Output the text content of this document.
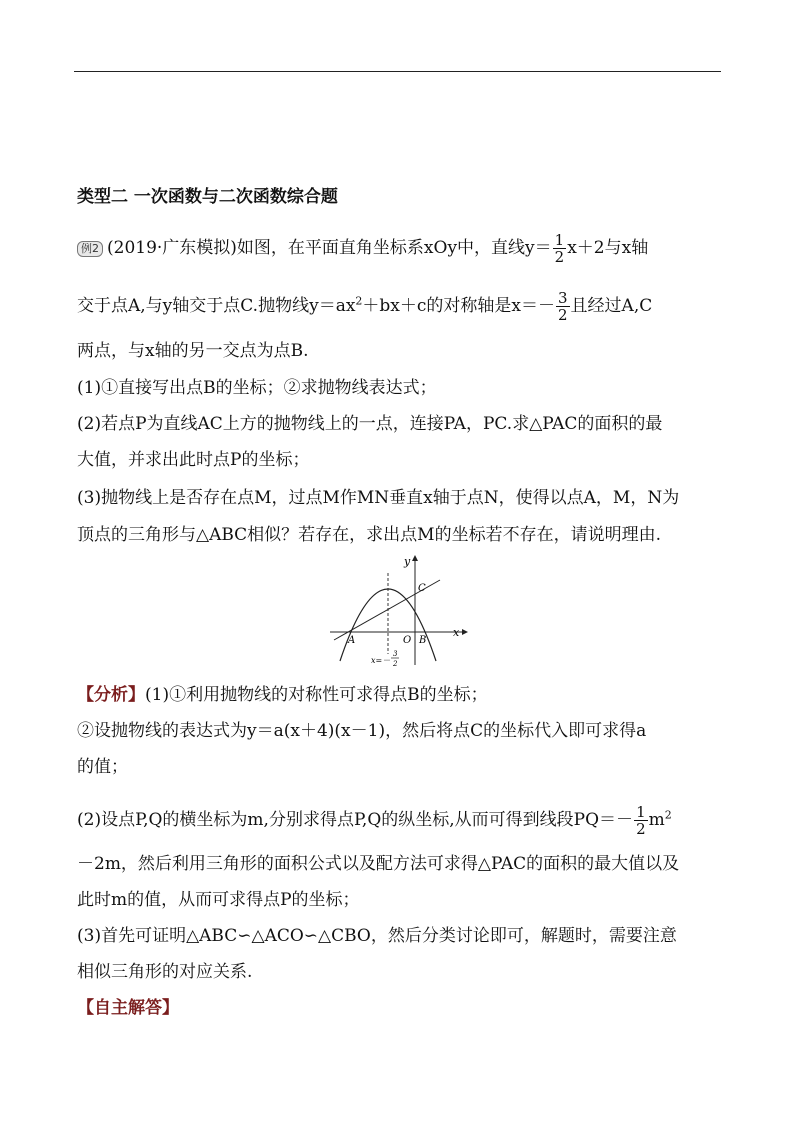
类型二 一次函数与二次函数综合题
例2 (2019·广东模拟)如图，在平面直角坐标系xOy中，直线$y= \frac{1}{2} x+2$与x轴
交于点A,与y轴交于点C.抛物线$y=ax^2+bx+c$的对称轴是$x=- \frac{3}{2}$ 且经过A,C
两点，与x轴的另一交点为点B.
(1)①直接写出点B的坐标；②求抛物线表达式；
(2)若点P为直线AC上方的抛物线上的一点，连接PA，PC.求△PAC的面积的最
大值，并求出此时点P的坐标；
(3)抛物线上是否存在点M，过点M作MN垂直x轴于点N，使得以点A，M，N为
顶点的三角形与△ABC相似？若存在，求出点M的坐标若不存在，请说明理由.
y
x
C
A	O B
x=－
3
2
【分析】(1)①利用抛物线的对称性可求得点B的坐标；
②设抛物线的表达式为y＝a(x＋4)(x－1)，然后将点C的坐标代入即可求得a
的值；
(2)设点P,Q的横坐标为m,分别求得点P,Q的纵坐标,从而可得到线段$PQ=- \frac{1}{2} m^2$
－2m，然后利用三角形的面积公式以及配方法可求得△PAC的面积的最大值以及
此时m的值，从而可求得点P的坐标；
(3)首先可证明△ABC∽△ACO∽△CBO，然后分类讨论即可，解题时，需要注意
相似三角形的对应关系.
【自主解答】
